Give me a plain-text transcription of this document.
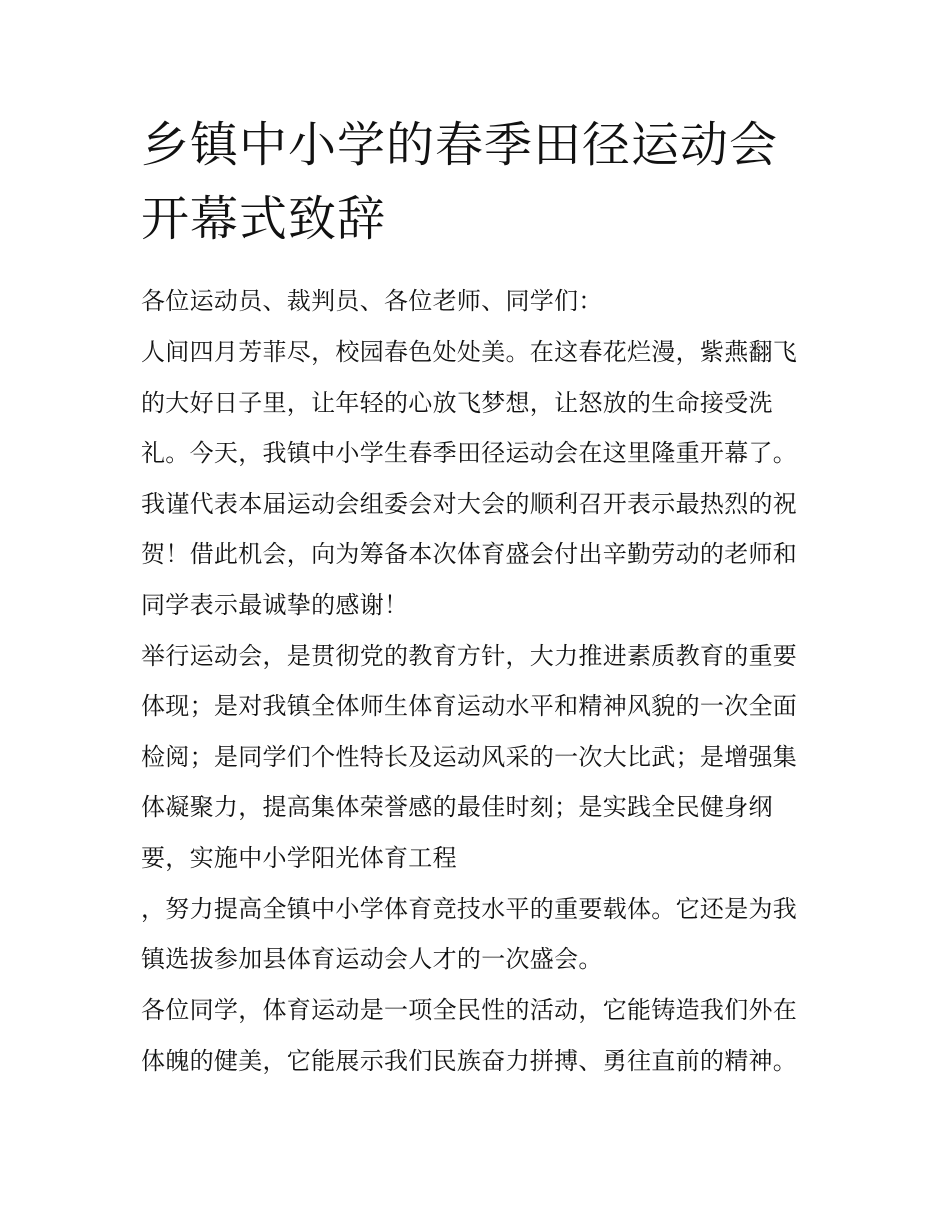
乡镇中小学的春季田径运动会
开幕式致辞
各位运动员、裁判员、各位老师、同学们：
人间四月芳菲尽，校园春色处处美。在这春花烂漫，紫燕翻飞
的大好日子里，让年轻的心放飞梦想，让怒放的生命接受洗
礼。今天，我镇中小学生春季田径运动会在这里隆重开幕了。
我谨代表本届运动会组委会对大会的顺利召开表示最热烈的祝
贺！借此机会，向为筹备本次体育盛会付出辛勤劳动的老师和
同学表示最诚挚的感谢！
举行运动会，是贯彻党的教育方针，大力推进素质教育的重要
体现；是对我镇全体师生体育运动水平和精神风貌的一次全面
检阅；是同学们个性特长及运动风采的一次大比武；是增强集
体凝聚力，提高集体荣誉感的最佳时刻；是实践全民健身纲
要，实施中小学阳光体育工程
，努力提高全镇中小学体育竞技水平的重要载体。它还是为我
镇选拔参加县体育运动会人才的一次盛会。
各位同学，体育运动是一项全民性的活动，它能铸造我们外在
体魄的健美，它能展示我们民族奋力拼搏、勇往直前的精神。
